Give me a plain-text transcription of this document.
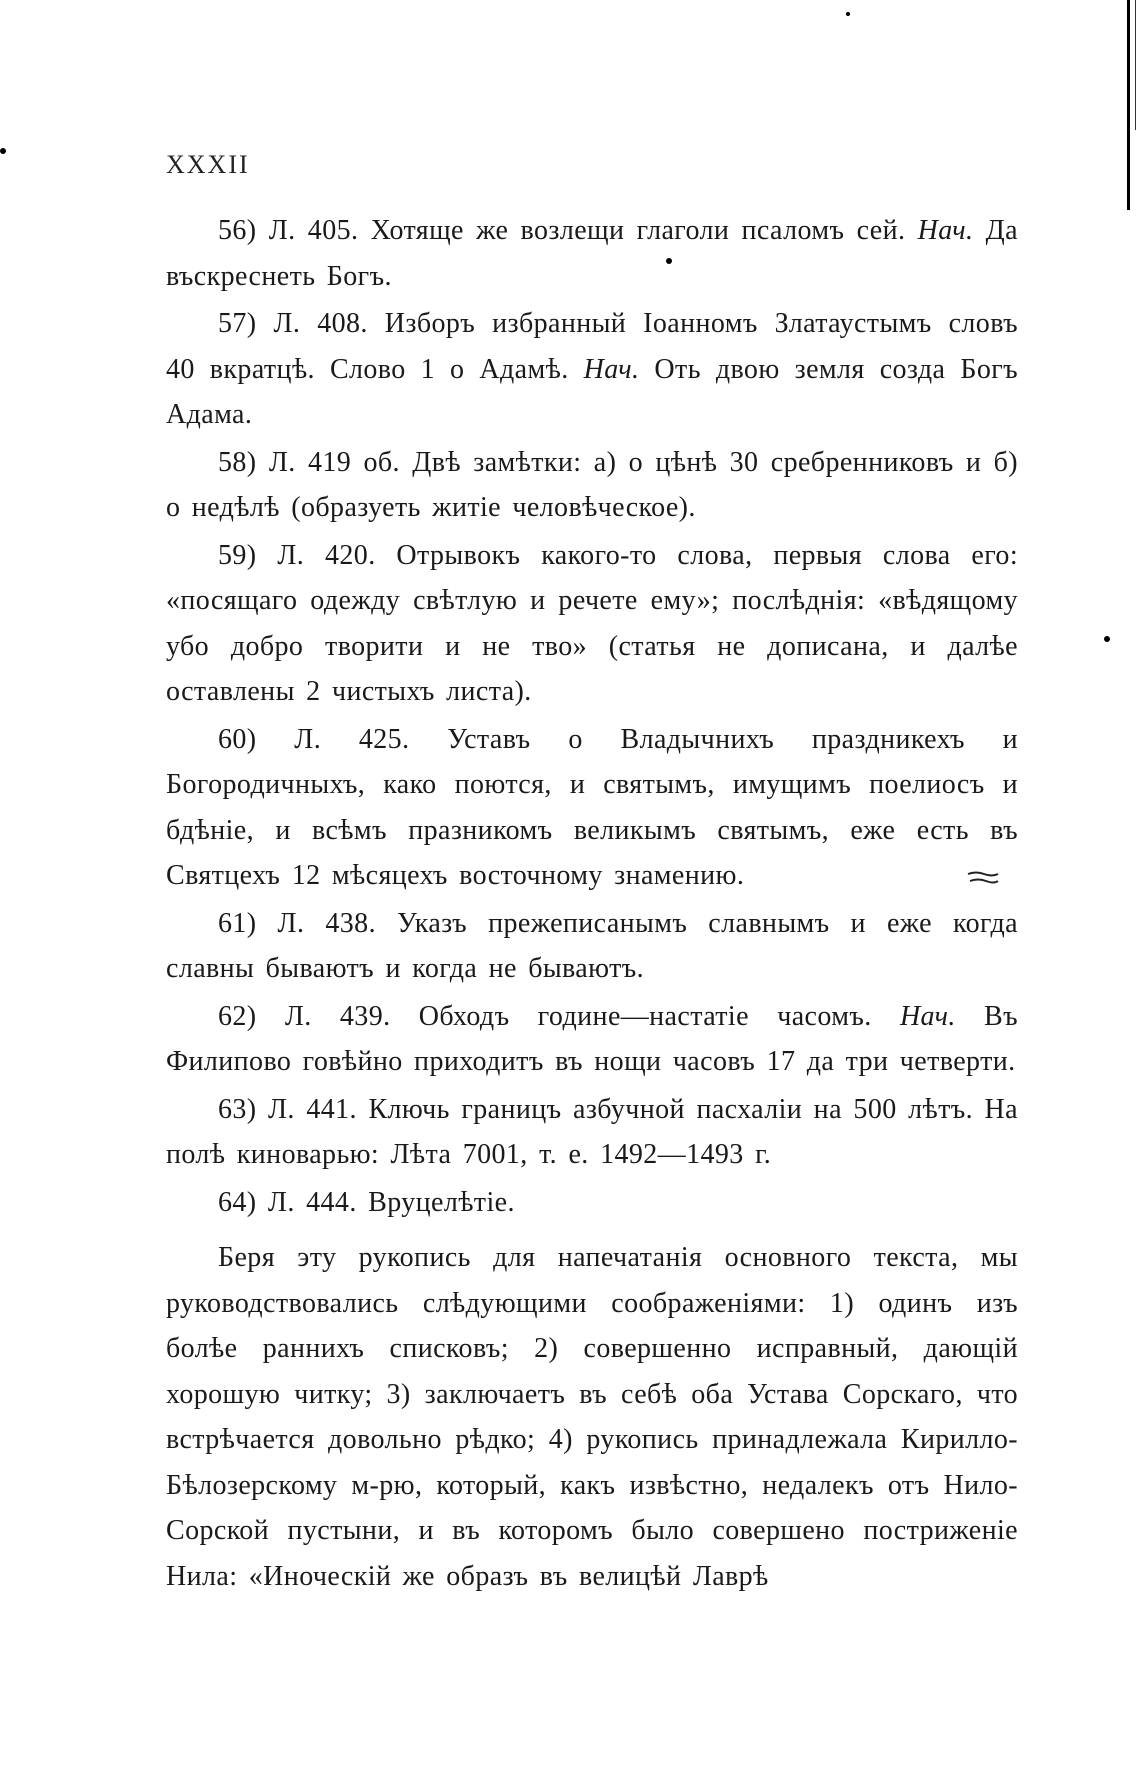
XXXII

56) Л. 405. Хотяще же возлещи глаголи псаломъ сей. Нач. Да въскреснеть Богъ.

57) Л. 408. Изборъ избранный Іоанномъ Златаустымъ словъ 40 вкратцѣ. Слово 1 о Адамѣ. Нач. Оть двою земля созда Богъ Адама.

58) Л. 419 об. Двѣ замѣтки: а) о цѣнѣ 30 сребренниковъ и б) о недѣлѣ (образуеть житіе человѣческое).

59) Л. 420. Отрывокъ какого-то слова, первыя слова его: «посящаго одежду свѣтлую и речете ему»; послѣднія: «вѣдящому убо добро творити и не тво» (статья не дописана, и далѣе оставлены 2 чистыхъ листа).

60) Л. 425. Уставъ о Владычнихъ праздникехъ и Богородичныхъ, како поются, и святымъ, имущимъ поелиосъ и бдѣніе, и всѣмъ празникомъ великымъ святымъ, еже есть въ Святцехъ 12 мѣсяцехъ восточному знамению.

61) Л. 438. Указъ прежеписанымъ славнымъ и еже когда славны бываютъ и когда не бываютъ.

62) Л. 439. Обходъ годинe—настатіе часомъ. Нач. Въ Филипово говѣйно приходитъ въ нощи часовъ 17 да три четверти.

63) Л. 441. Ключь границъ азбучной пасхаліи на 500 лѣтъ. На полѣ киноварью: Лѣта 7001, т. е. 1492—1493 г.

64) Л. 444. Вруцелѣтіе.

Беря эту рукопись для напечатанія основного текста, мы руководствовались слѣдующими соображеніями: 1) одинъ изъ болѣе раннихъ списковъ; 2) совершенно исправный, дающій хорошую читку; 3) заключаетъ въ себѣ оба Устава Сорскаго, что встрѣчается довольно рѣдко; 4) рукопись принадлежала Кирилло-Бѣлозерскому м-рю, который, какъ извѣстно, недалекъ отъ Нило-Сорской пустыни, и въ которомъ было совершено постриженіе Нила: «Иноческій же образъ въ велицѣй Лаврѣ
